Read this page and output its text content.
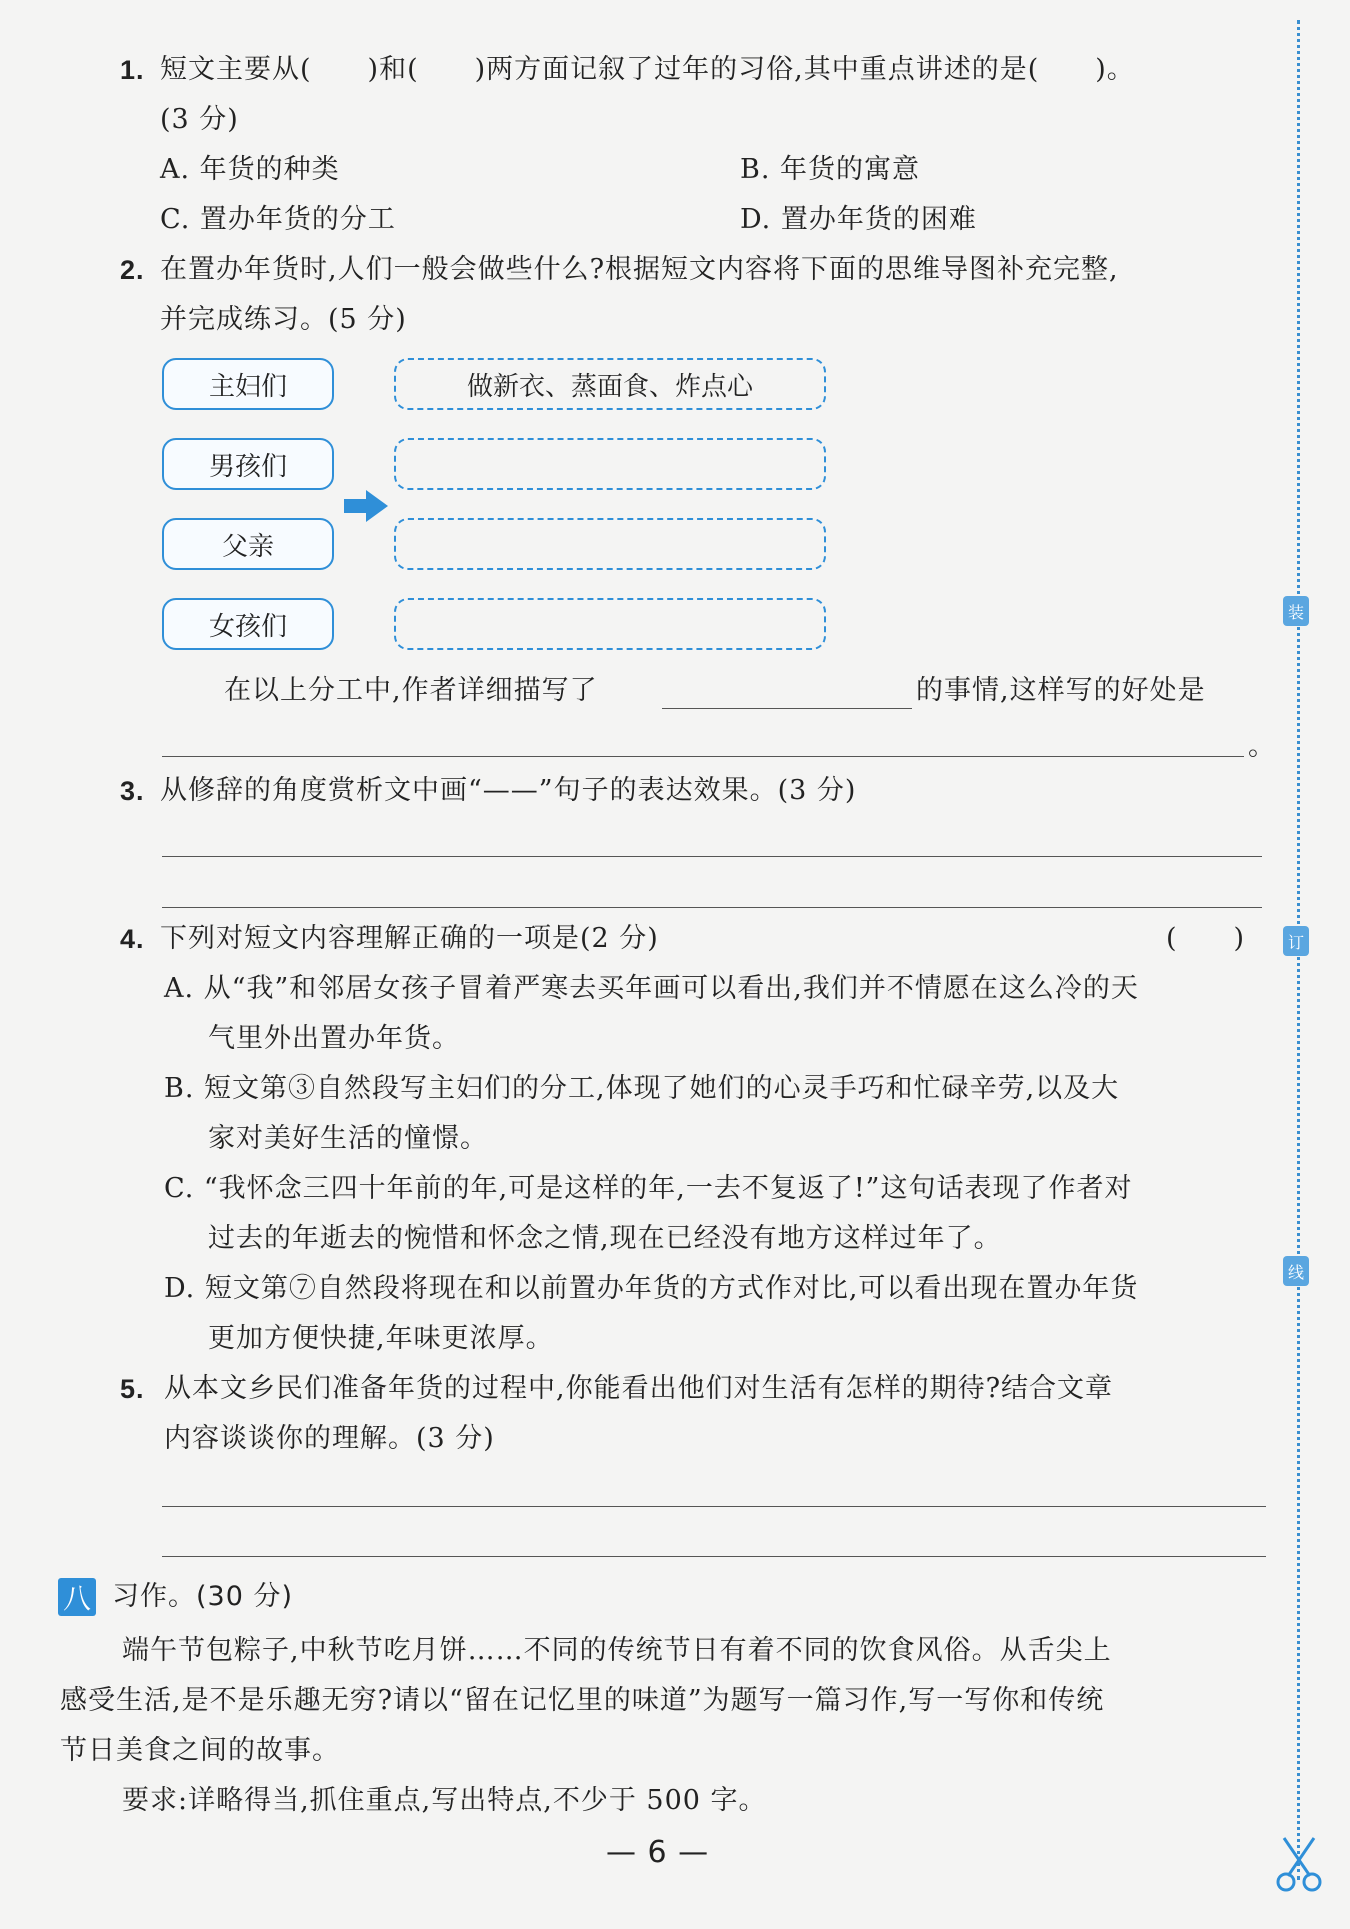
1. 短文主要从(　　)和(　　)两方面记叙了过年的习俗,其中重点讲述的是(　　)。
(3 分)
A. 年货的种类	B. 年货的寓意
C. 置办年货的分工	D. 置办年货的困难
2. 在置办年货时,人们一般会做些什么?根据短文内容将下面的思维导图补充完整,
并完成练习。(5 分)
主妇们
男孩们
父亲
女孩们
做新衣、蒸面食、炸点心
在以上分工中,作者详细描写了	的事情,这样写的好处是
。
3. 从修辞的角度赏析文中画“——”句子的表达效果。(3 分)
4. 下列对短文内容理解正确的一项是(2 分)	(　　)
A. 从“我”和邻居女孩子冒着严寒去买年画可以看出,我们并不情愿在这么冷的天
气里外出置办年货。
B. 短文第③自然段写主妇们的分工,体现了她们的心灵手巧和忙碌辛劳,以及大
家对美好生活的憧憬。
C. “我怀念三四十年前的年,可是这样的年,一去不复返了!”这句话表现了作者对
过去的年逝去的惋惜和怀念之情,现在已经没有地方这样过年了。
D. 短文第⑦自然段将现在和以前置办年货的方式作对比,可以看出现在置办年货
更加方便快捷,年味更浓厚。
5. 从本文乡民们准备年货的过程中,你能看出他们对生活有怎样的期待?结合文章
内容谈谈你的理解。(3 分)
八 习作。(30 分)
端午节包粽子,中秋节吃月饼……不同的传统节日有着不同的饮食风俗。从舌尖上
感受生活,是不是乐趣无穷?请以“留在记忆里的味道”为题写一篇习作,写一写你和传统
节日美食之间的故事。
要求:详略得当,抓住重点,写出特点,不少于 500 字。
— 6 —
装
订
线
